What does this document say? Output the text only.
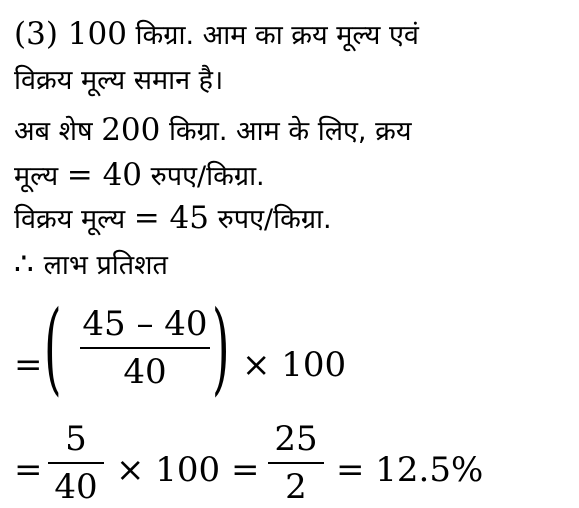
(3) 100 किग्रा. आम का क्रय मूल्य एवं
विक्रय मूल्य समान है।
अब शेष 200 किग्रा. आम के लिए, क्रय
मूल्य = 40 रुपए/किग्रा.
विक्रय मूल्य = 45 रुपए/किग्रा.
∴ लाभ प्रतिशत
= ( 45 – 40
40 ) × 100
=
5
40 × 100 =
25
2 = 12.5%
